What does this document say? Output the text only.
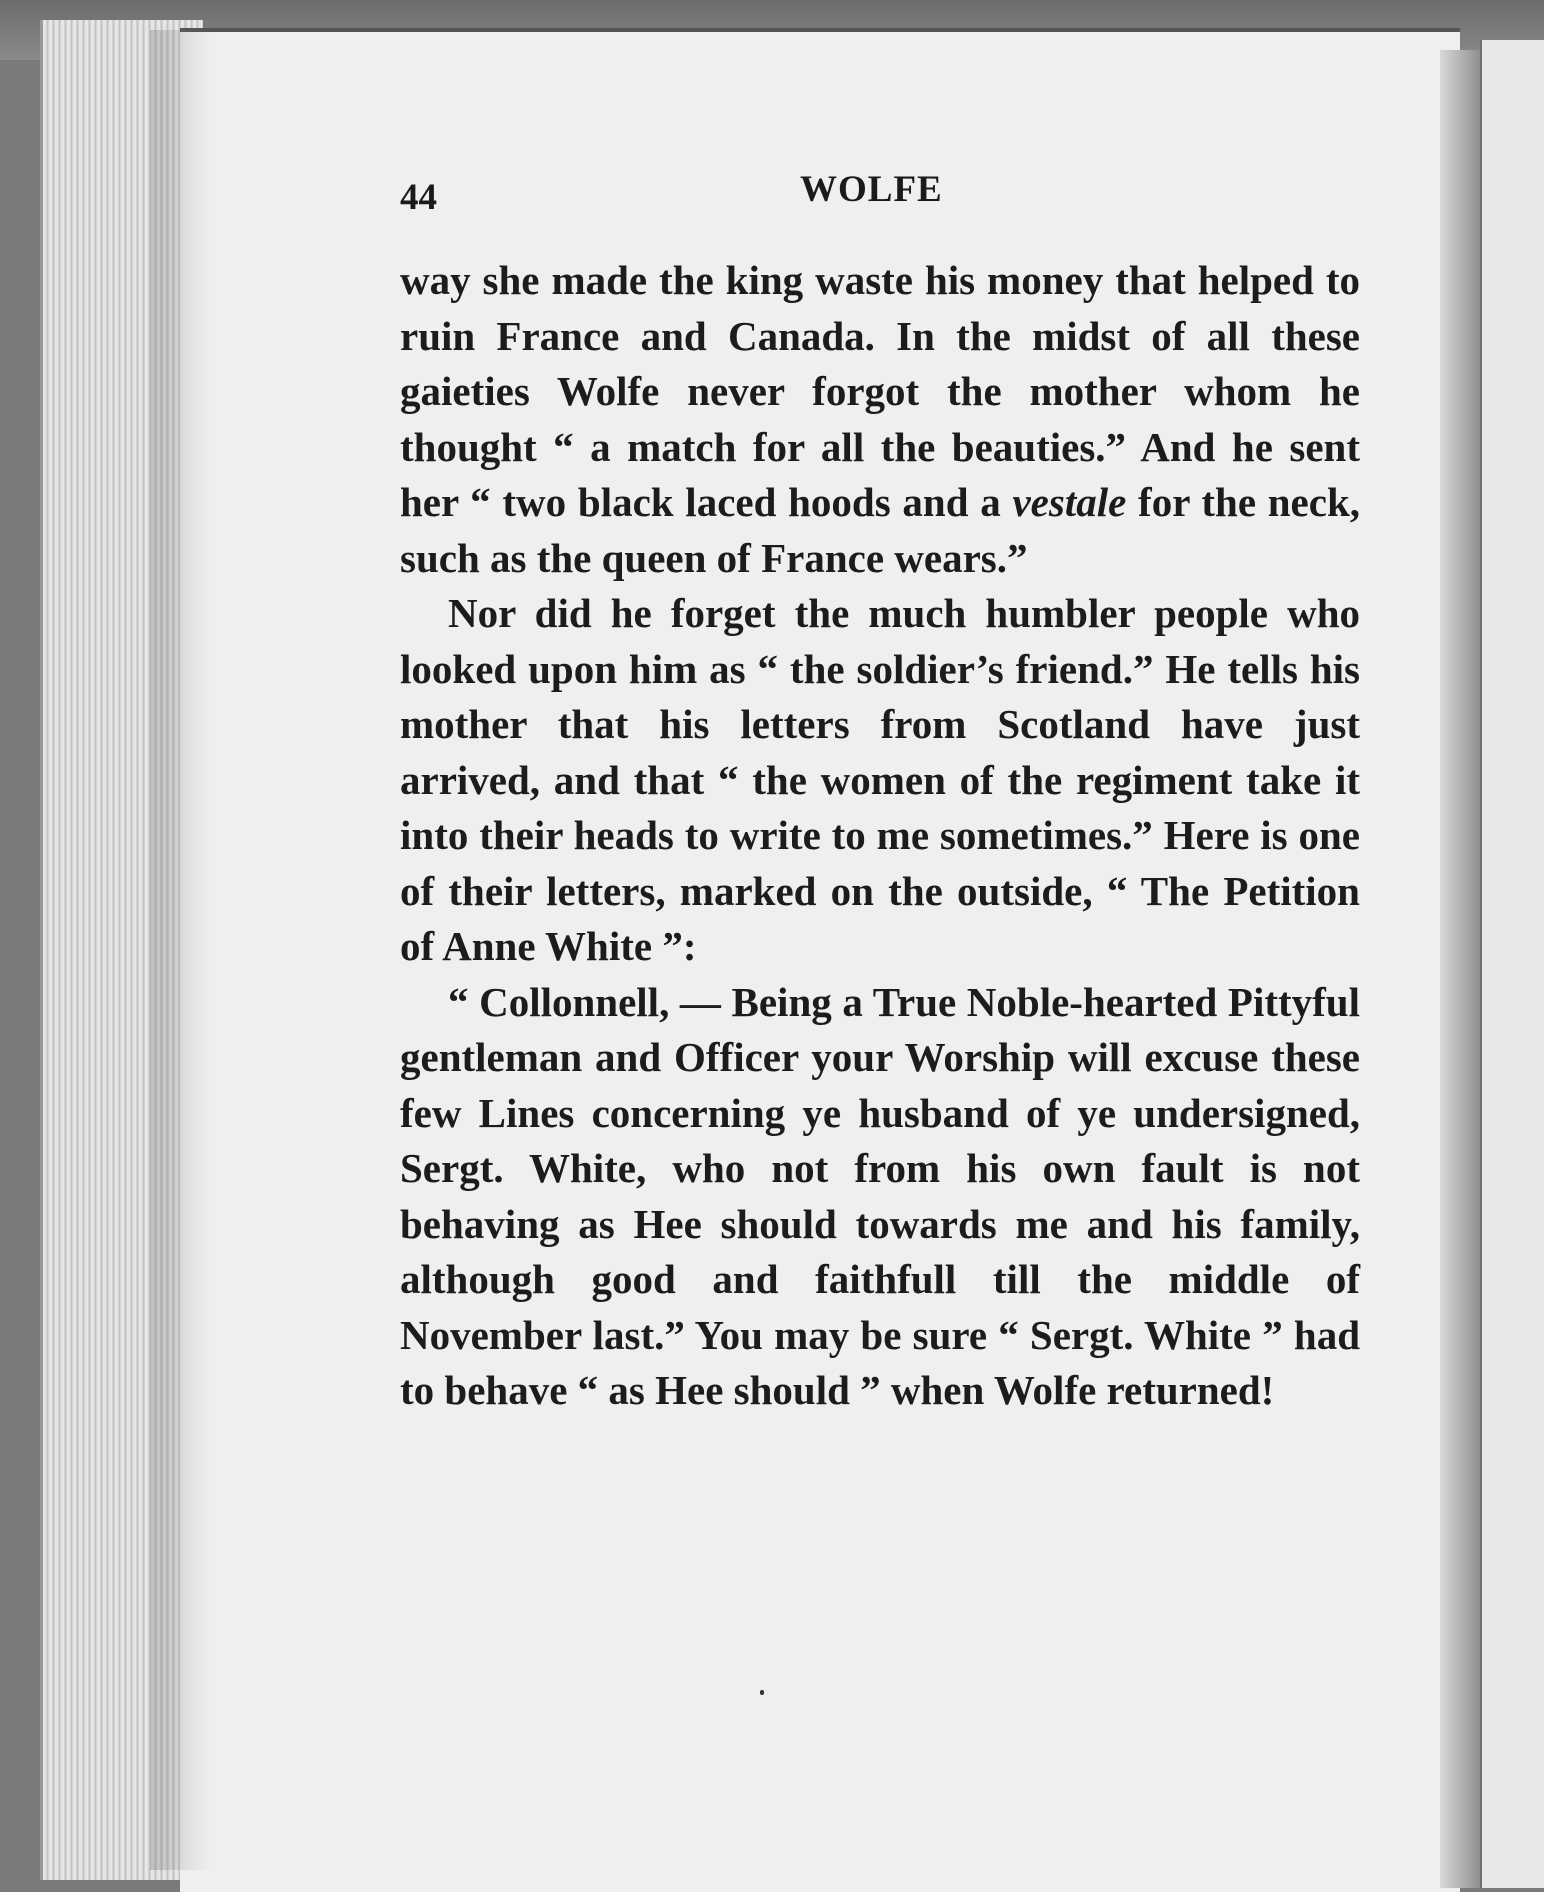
44	WOLFE

way she made the king waste his money that helped to ruin France and Canada. In the midst of all these gaieties Wolfe never forgot the mother whom he thought “ a match for all the beauties.” And he sent her “ two black laced hoods and a vestale for the neck, such as the queen of France wears.”

Nor did he forget the much humbler people who looked upon him as “ the soldier’s friend.” He tells his mother that his letters from Scotland have just arrived, and that “ the women of the regiment take it into their heads to write to me sometimes.” Here is one of their letters, marked on the outside, “ The Petition of Anne White ”:

“ Collonnell, — Being a True Noble-hearted Pittyful gentleman and Officer your Worship will excuse these few Lines concerning ye husband of ye undersigned, Sergt. White, who not from his own fault is not behaving as Hee should towards me and his family, although good and faithfull till the middle of November last.” You may be sure “ Sergt. White ” had to behave “ as Hee should ” when Wolfe returned!
